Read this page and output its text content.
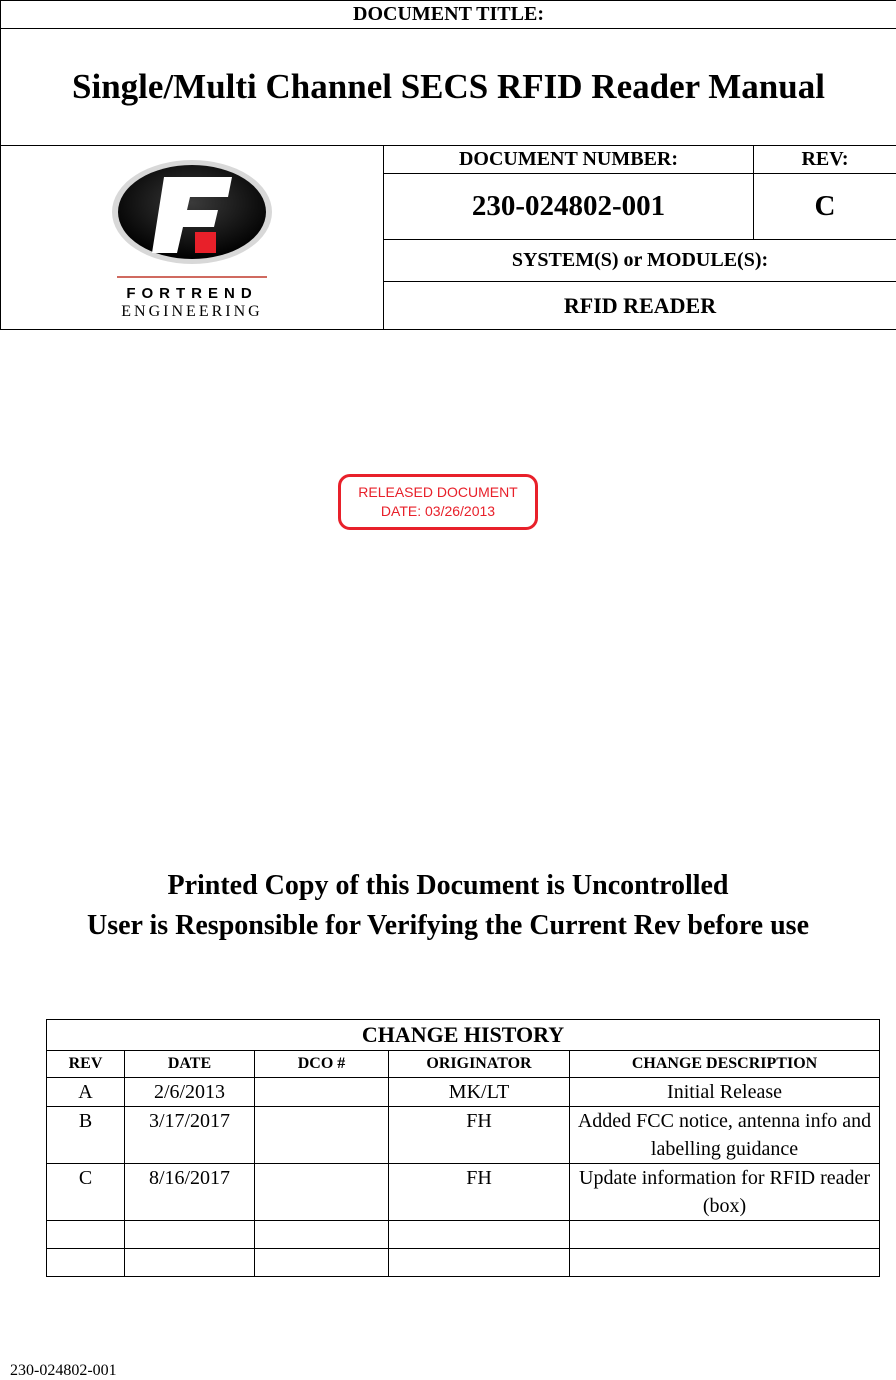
DOCUMENT TITLE:		
Single/Multi Channel SECS RFID Reader Manual		

FORTREND
ENGINEERING	DOCUMENT NUMBER:	REV:
	230-024802-001	C
	SYSTEM(S) or MODULE(S):	
	RFID READER	
RELEASED DOCUMENT
DATE: 03/26/2013
Printed Copy of this Document is Uncontrolled
User is Responsible for Verifying the Current Rev before use
CHANGE HISTORY				
REV	DATE	DCO #	ORIGINATOR	CHANGE DESCRIPTION
A	2/6/2013		MK/LT	Initial Release
B	3/17/2017		FH	Added FCC notice, antenna info and labelling guidance
C	8/16/2017		FH	Update information for RFID reader (box)

230-024802-001
